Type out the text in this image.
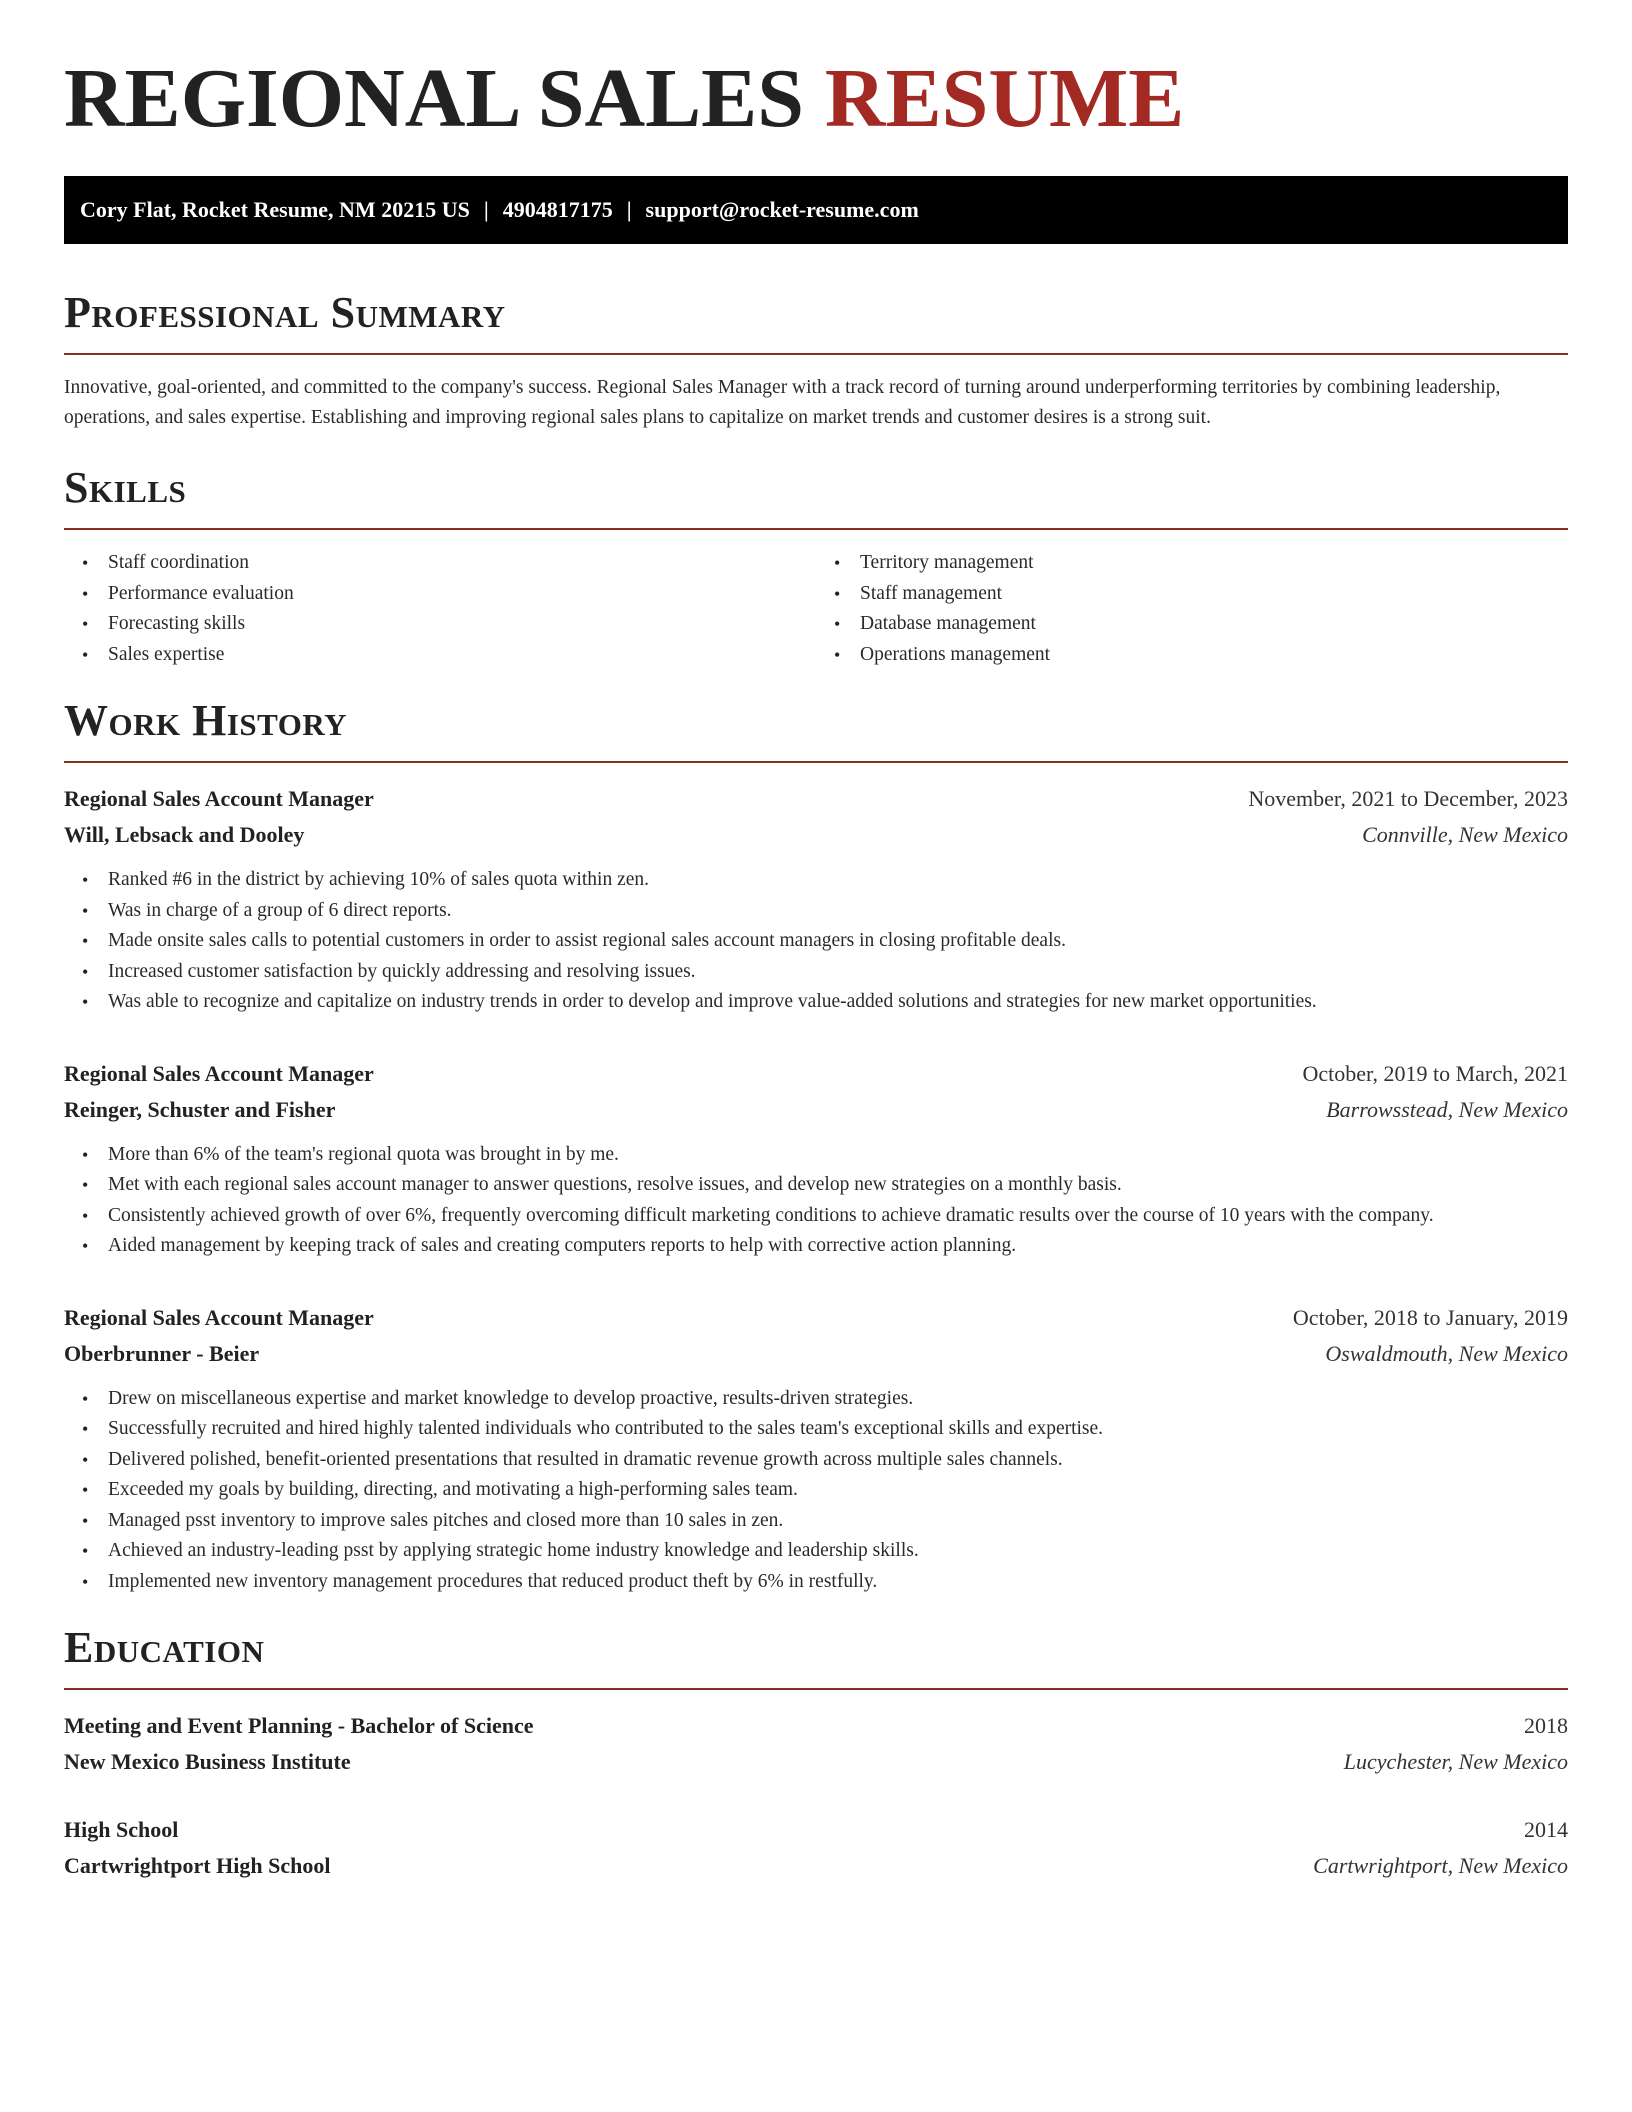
REGIONAL SALES RESUME
Cory Flat, Rocket Resume, NM 20215 US | 4904817175 | support@rocket-resume.com
Professional Summary

Innovative, goal-oriented, and committed to the company's success. Regional Sales Manager with a track record of turning around underperforming territories by combining leadership, operations, and sales expertise. Establishing and improving regional sales plans to capitalize on market trends and customer desires is a strong suit.

Skills
• Staff coordination
• Performance evaluation
• Forecasting skills
• Sales expertise
• Territory management
• Staff management
• Database management
• Operations management
Work History
Regional Sales Account Manager	November, 2021 to December, 2023
Will, Lebsack and Dooley	Connville, New Mexico
• Ranked #6 in the district by achieving 10% of sales quota within zen.
• Was in charge of a group of 6 direct reports.
• Made onsite sales calls to potential customers in order to assist regional sales account managers in closing profitable deals.
• Increased customer satisfaction by quickly addressing and resolving issues.
• Was able to recognize and capitalize on industry trends in order to develop and improve value-added solutions and strategies for new market opportunities.
Regional Sales Account Manager	October, 2019 to March, 2021
Reinger, Schuster and Fisher	Barrowsstead, New Mexico
• More than 6% of the team's regional quota was brought in by me.
• Met with each regional sales account manager to answer questions, resolve issues, and develop new strategies on a monthly basis.
• Consistently achieved growth of over 6%, frequently overcoming difficult marketing conditions to achieve dramatic results over the course of 10 years with the company.
• Aided management by keeping track of sales and creating computers reports to help with corrective action planning.
Regional Sales Account Manager	October, 2018 to January, 2019
Oberbrunner - Beier	Oswaldmouth, New Mexico
• Drew on miscellaneous expertise and market knowledge to develop proactive, results-driven strategies.
• Successfully recruited and hired highly talented individuals who contributed to the sales team's exceptional skills and expertise.
• Delivered polished, benefit-oriented presentations that resulted in dramatic revenue growth across multiple sales channels.
• Exceeded my goals by building, directing, and motivating a high-performing sales team.
• Managed psst inventory to improve sales pitches and closed more than 10 sales in zen.
• Achieved an industry-leading psst by applying strategic home industry knowledge and leadership skills.
• Implemented new inventory management procedures that reduced product theft by 6% in restfully.
Education
Meeting and Event Planning - Bachelor of Science	2018
New Mexico Business Institute	Lucychester, New Mexico
High School	2014
Cartwrightport High School	Cartwrightport, New Mexico
